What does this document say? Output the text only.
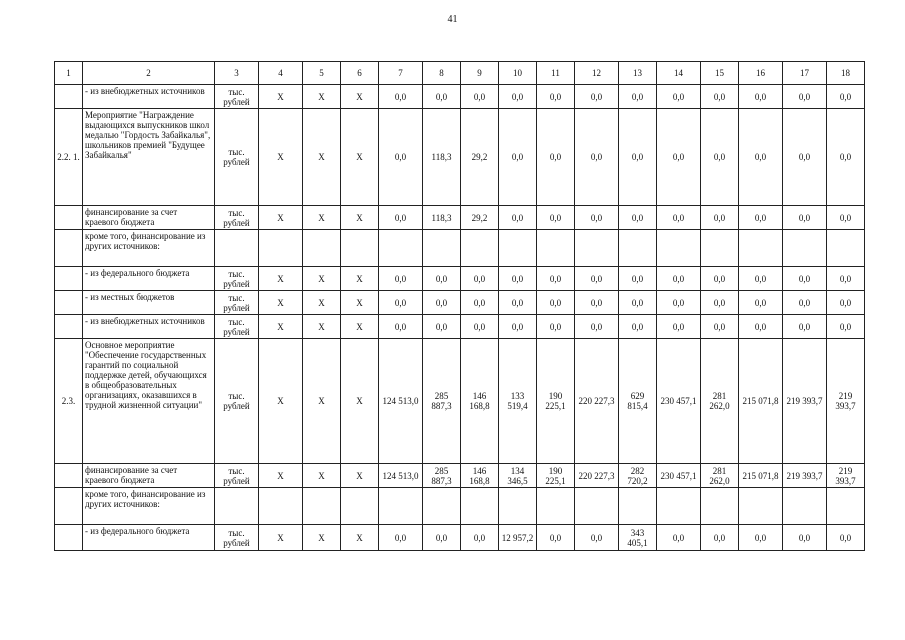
41
1	2	3	4	5	6	7	8	9	10	11	12	13	14	15	16	17	18
	- из внебюджетных источников	тыс. рублей	X	X	X	0,0	0,0	0,0	0,0	0,0	0,0	0,0	0,0	0,0	0,0	0,0	0,0
2.2. 1.	Мероприятие "Награждение выдающихся выпускников школ медалью "Гордость Забайкалья", школьников премией "Будущее Забайкалья"	тыс. рублей	X	X	X	0,0	118,3	29,2	0,0	0,0	0,0	0,0	0,0	0,0	0,0	0,0	0,0
	финансирование за счет краевого бюджета	тыс. рублей	X	X	X	0,0	118,3	29,2	0,0	0,0	0,0	0,0	0,0	0,0	0,0	0,0	0,0
	кроме того, финансирование из других источников:																
	- из федерального бюджета	тыс. рублей	X	X	X	0,0	0,0	0,0	0,0	0,0	0,0	0,0	0,0	0,0	0,0	0,0	0,0
	- из местных бюджетов	тыс. рублей	X	X	X	0,0	0,0	0,0	0,0	0,0	0,0	0,0	0,0	0,0	0,0	0,0	0,0
	- из внебюджетных источников	тыс. рублей	X	X	X	0,0	0,0	0,0	0,0	0,0	0,0	0,0	0,0	0,0	0,0	0,0	0,0
2.3.	Основное мероприятие "Обеспечение государственных гарантий по социальной поддержке детей, обучающихся в общеобразовательных организациях, оказавшихся в трудной жизненной ситуации"	тыс. рублей	X	X	X	124 513,0	285 887,3	146 168,8	133 519,4	190 225,1	220 227,3	629 815,4	230 457,1	281 262,0	215 071,8	219 393,7	219 393,7
	финансирование за счет краевого бюджета	тыс. рублей	X	X	X	124 513,0	285 887,3	146 168,8	134 346,5	190 225,1	220 227,3	282 720,2	230 457,1	281 262,0	215 071,8	219 393,7	219 393,7
	кроме того, финансирование из других источников:																
	- из федерального бюджета	тыс. рублей	X	X	X	0,0	0,0	0,0	12 957,2	0,0	0,0	343 405,1	0,0	0,0	0,0	0,0	0,0
